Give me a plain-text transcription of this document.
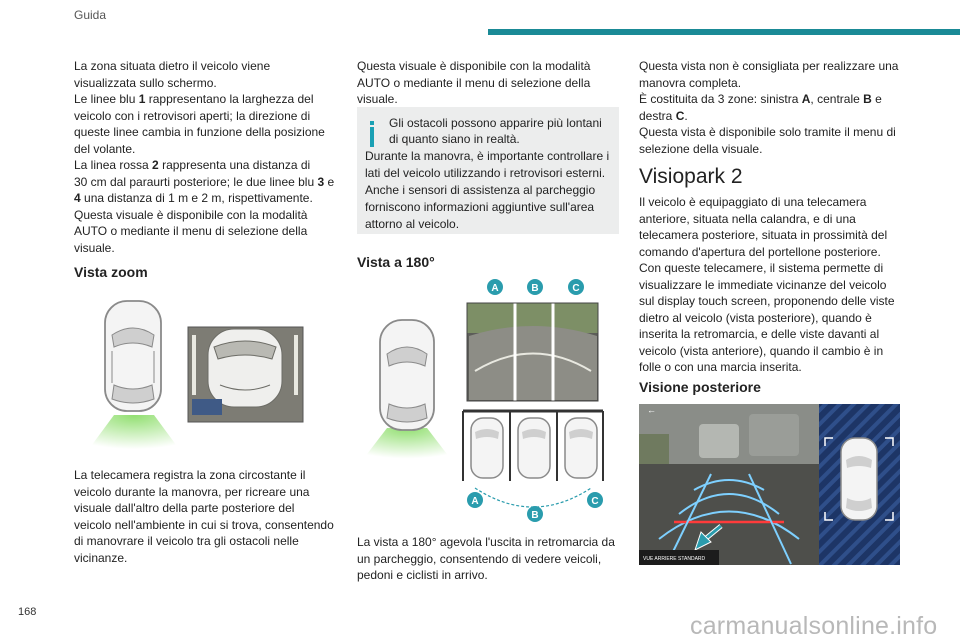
Guida
La zona situata dietro il veicolo viene
visualizzata sullo schermo.
Le linee blu 1 rappresentano la larghezza del
veicolo con i retrovisori aperti; la direzione di
queste linee cambia in funzione della posizione
del volante.
La linea rossa 2 rappresenta una distanza di
30 cm dal paraurti posteriore; le due linee blu 3 e
4 una distanza di 1 m e 2 m, rispettivamente.
Questa visuale è disponibile con la modalità
AUTO o mediante il menu di selezione della
visuale.
Vista zoom
La telecamera registra la zona circostante il
veicolo durante la manovra, per ricreare una
visuale dall'altro della parte posteriore del
veicolo nell'ambiente in cui si trova, consentendo
di manovrare il veicolo tra gli ostacoli nelle
vicinanze.
Questa visuale è disponibile con la modalità
AUTO o mediante il menu di selezione della
visuale.
Gli ostacoli possono apparire più lontani
di quanto siano in realtà.
Durante la manovra, è importante controllare i
lati del veicolo utilizzando i retrovisori esterni.
Anche i sensori di assistenza al parcheggio
forniscono informazioni aggiuntive sull'area
attorno al veicolo.
Vista a 180°
A	B	C
A
B
C
La vista a 180° agevola l'uscita in retromarcia da
un parcheggio, consentendo di vedere veicoli,
pedoni e ciclisti in arrivo.
Questa vista non è consigliata per realizzare una
manovra completa.
È costituita da 3 zone: sinistra A, centrale B e
destra C.
Questa vista è disponibile solo tramite il menu di
selezione della visuale.
Visiopark 2
Il veicolo è equipaggiato di una telecamera
anteriore, situata nella calandra, e di una
telecamera posteriore, situata in prossimità del
comando d'apertura del portellone posteriore.
Con queste telecamere, il sistema permette di
visualizzare le immediate vicinanze del veicolo
sul display touch screen, proponendo delle viste
dietro al veicolo (vista posteriore), quando è
inserita la retromarcia, e delle viste davanti al
veicolo (vista anteriore), quando il cambio è in
folle o con una marcia inserita.
Visione posteriore
←
VUE ARRIERE STANDARD
168	carmanualsonline.info
